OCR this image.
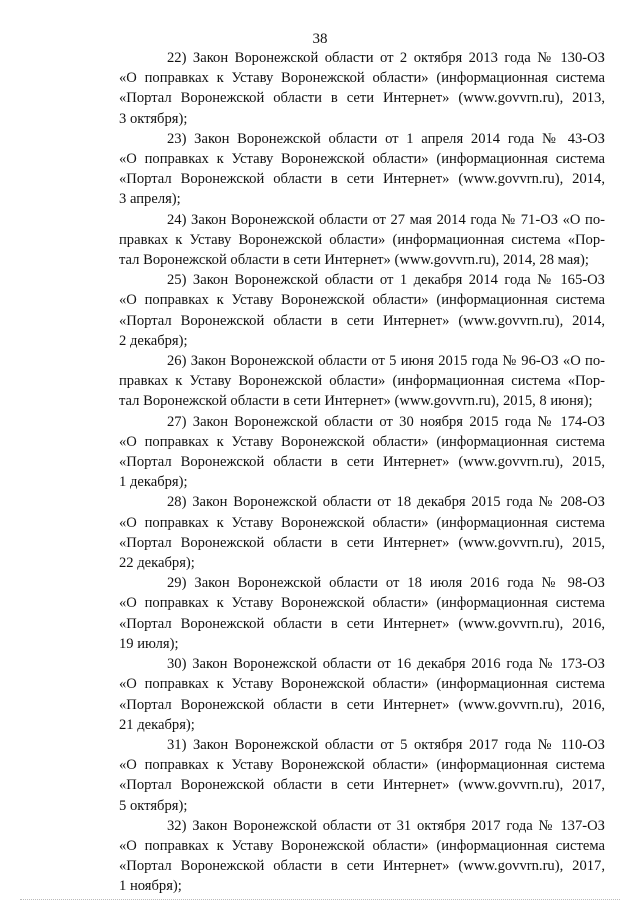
38
22) Закон Воронежской области от 2 октября 2013 года № 130-ОЗ
«О поправках к Уставу Воронежской области» (информационная система
«Портал Воронежской области в сети Интернет» (www.govvrn.ru), 2013,
3 октября);
23) Закон Воронежской области от 1 апреля 2014 года № 43-ОЗ
«О поправках к Уставу Воронежской области» (информационная система
«Портал Воронежской области в сети Интернет» (www.govvrn.ru), 2014,
3 апреля);
24) Закон Воронежской области от 27 мая 2014 года № 71-ОЗ «О по-
правках к Уставу Воронежской области» (информационная система «Пор-
тал Воронежской области в сети Интернет» (www.govvrn.ru), 2014, 28 мая);
25) Закон Воронежской области от 1 декабря 2014 года № 165-ОЗ
«О поправках к Уставу Воронежской области» (информационная система
«Портал Воронежской области в сети Интернет» (www.govvrn.ru), 2014,
2 декабря);
26) Закон Воронежской области от 5 июня 2015 года № 96-ОЗ «О по-
правках к Уставу Воронежской области» (информационная система «Пор-
тал Воронежской области в сети Интернет» (www.govvrn.ru), 2015, 8 июня);
27) Закон Воронежской области от 30 ноября 2015 года № 174-ОЗ
«О поправках к Уставу Воронежской области» (информационная система
«Портал Воронежской области в сети Интернет» (www.govvrn.ru), 2015,
1 декабря);
28) Закон Воронежской области от 18 декабря 2015 года № 208-ОЗ
«О поправках к Уставу Воронежской области» (информационная система
«Портал Воронежской области в сети Интернет» (www.govvrn.ru), 2015,
22 декабря);
29) Закон Воронежской области от 18 июля 2016 года № 98-ОЗ
«О поправках к Уставу Воронежской области» (информационная система
«Портал Воронежской области в сети Интернет» (www.govvrn.ru), 2016,
19 июля);
30) Закон Воронежской области от 16 декабря 2016 года № 173-ОЗ
«О поправках к Уставу Воронежской области» (информационная система
«Портал Воронежской области в сети Интернет» (www.govvrn.ru), 2016,
21 декабря);
31) Закон Воронежской области от 5 октября 2017 года № 110-ОЗ
«О поправках к Уставу Воронежской области» (информационная система
«Портал Воронежской области в сети Интернет» (www.govvrn.ru), 2017,
5 октября);
32) Закон Воронежской области от 31 октября 2017 года № 137-ОЗ
«О поправках к Уставу Воронежской области» (информационная система
«Портал Воронежской области в сети Интернет» (www.govvrn.ru), 2017,
1 ноября);
